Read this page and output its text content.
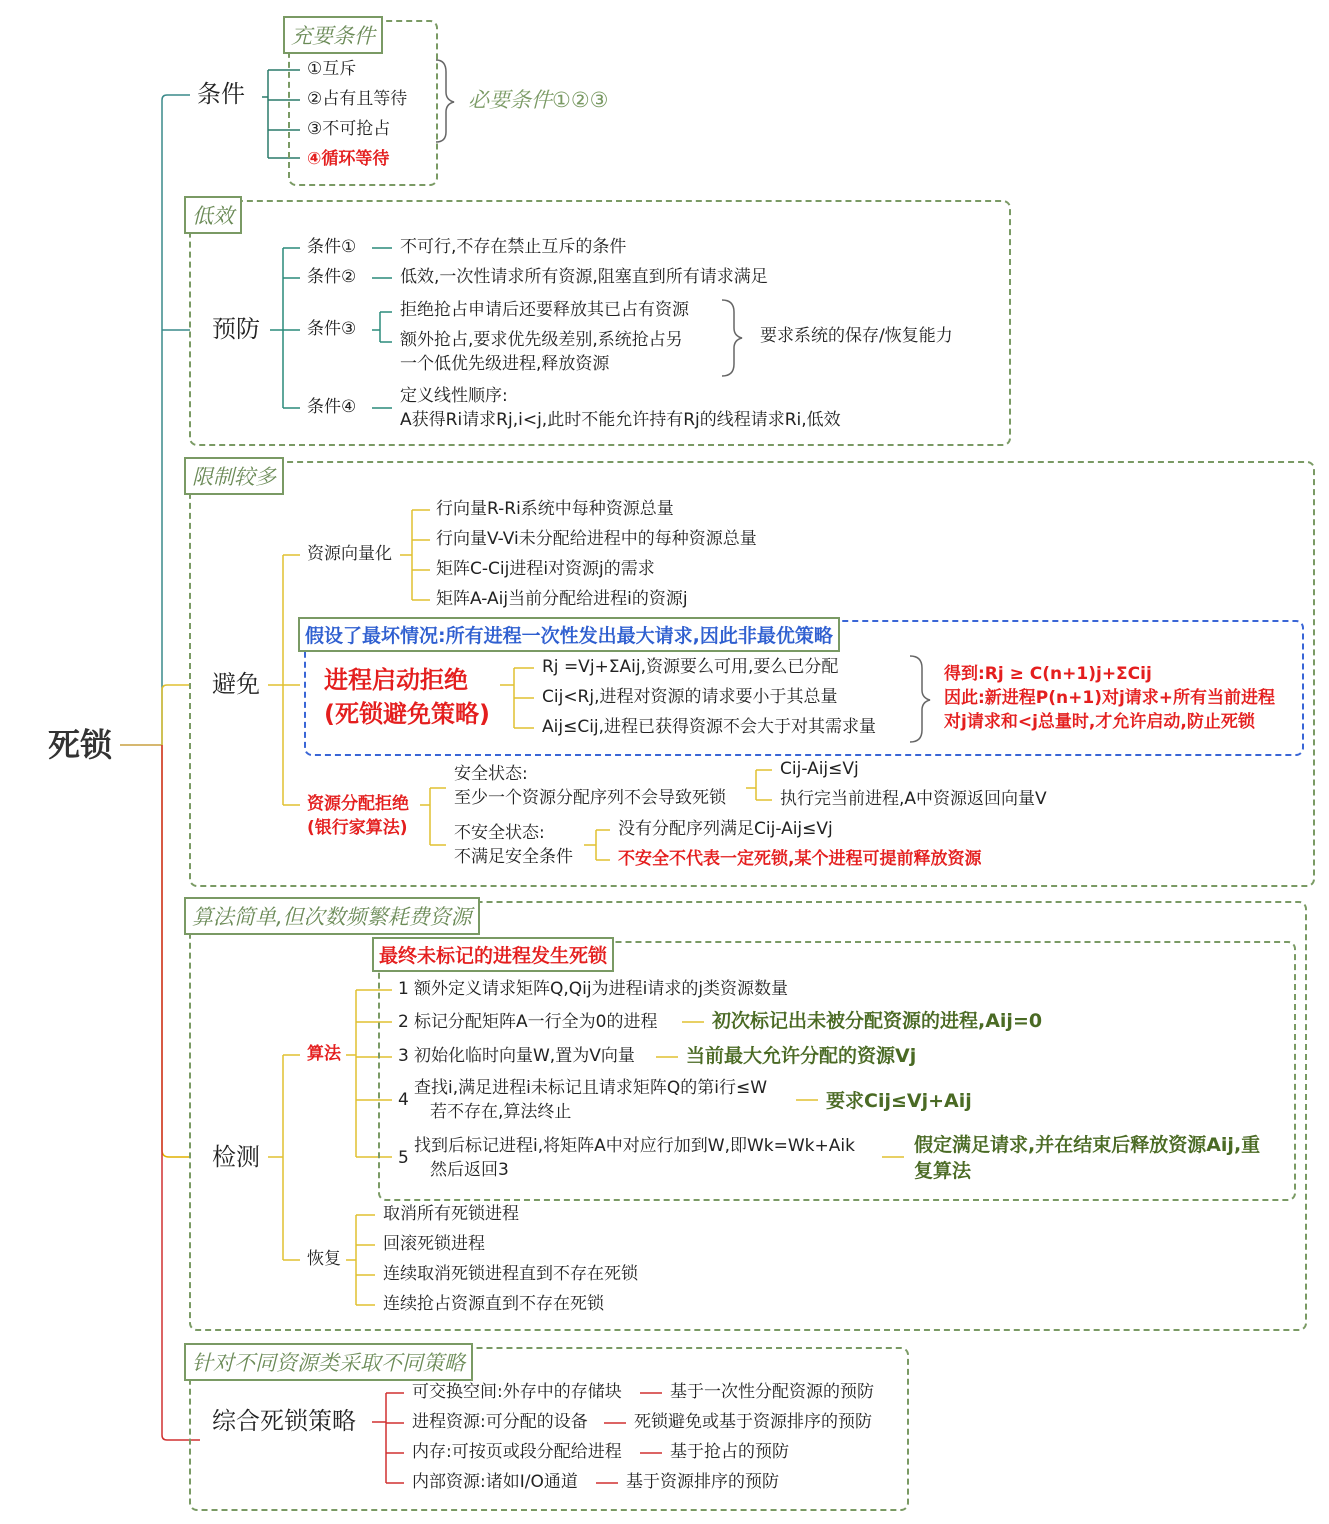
死锁
充要条件
条件
①互斥
②占有且等待
③不可抢占
④循环等待
必要条件①②③
低效
预防
条件①	不可行,不存在禁止互斥的条件
条件②	低效,一次性请求所有资源,阻塞直到所有请求满足
条件③
拒绝抢占申请后还要释放其已占有资源
额外抢占,要求优先级差别,系统抢占另
一个低优先级进程,释放资源
要求系统的保存/恢复能力
条件④
定义线性顺序:
A获得Ri请求Rj,i<j,此时不能允许持有Rj的线程请求Ri,低效
限制较多
避免
资源向量化
行向量R-Ri系统中每种资源总量
行向量V-Vi未分配给进程中的每种资源总量
矩阵C-Cij进程i对资源j的需求
矩阵A-Aij当前分配给进程i的资源j
假设了最坏情况:所有进程一次性发出最大请求,因此非最优策略
进程启动拒绝
(死锁避免策略)
Rj =Vj+ΣAij,资源要么可用,要么已分配
Cij<Rj,进程对资源的请求要小于其总量
Aij≤Cij,进程已获得资源不会大于对其需求量
得到:Rj ≥ C(n+1)j+ΣCij
因此:新进程P(n+1)对j请求+所有当前进程
对j请求和<j总量时,才允许启动,防止死锁
资源分配拒绝
(银行家算法)
安全状态:
至少一个资源分配序列不会导致死锁
Cij-Aij≤Vj
执行完当前进程,A中资源返回向量V
不安全状态:
不满足安全条件
没有分配序列满足Cij-Aij≤Vj
不安全不代表一定死锁,某个进程可提前释放资源
算法简单,但次数频繁耗费资源
检测
最终未标记的进程发生死锁
算法
1 额外定义请求矩阵Q,Qij为进程i请求的j类资源数量
2 标记分配矩阵A一行全为0的进程	初次标记出未被分配资源的进程,Aij=0
3 初始化临时向量W,置为V向量	当前最大允许分配的资源Vj
4
查找i,满足进程i未标记且请求矩阵Q的第i行≤W
若不存在,算法终止	要求Cij≤Vj+Aij
5
找到后标记进程i,将矩阵A中对应行加到W,即Wk=Wk+Aik
然后返回3
假定满足请求,并在结束后释放资源Aij,重
复算法
恢复
取消所有死锁进程
回滚死锁进程
连续取消死锁进程直到不存在死锁
连续抢占资源直到不存在死锁
针对不同资源类采取不同策略
综合死锁策略
可交换空间:外存中的存储块	基于一次性分配资源的预防
进程资源:可分配的设备	死锁避免或基于资源排序的预防
内存:可按页或段分配给进程	基于抢占的预防
内部资源:诸如I/O通道	基于资源排序的预防
